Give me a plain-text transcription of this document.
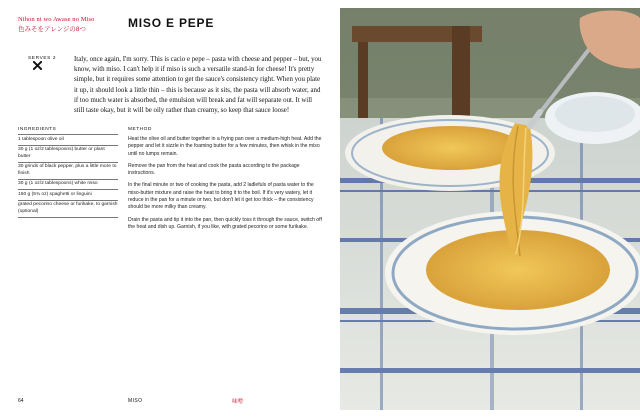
Nihon ni wo Awase no Miso
色みそをアレンジの8つ	MISO E PEPE
SERVES 2	Italy, once again, I'm sorry. This is cacio e pepe – pasta with cheese and pepper – but, you know, with miso. I can't help it if miso is such a versatile stand-in for cheese! It's pretty simple, but it requires some attention to get the sauce's consistency right. When you plate it up, it should look a little thin – this is because as it sits, the pasta will absorb water, and if too much water is absorbed, the emulsion will break and fat will separate out. It will still taste okay, but it will be oily rather than creamy, so keep that sauce loose!

INGREDIENTS
1 tablespoon olive oil
30 g (1 oz/2 tablespoons) butter or plant butter
30 grinds of black pepper, plus a little more to finish
30 g (1 oz/2 tablespoons) white miso
150 g (5¾ oz) spaghetti or linguini
grated pecorino cheese or furikake, to garnish (optional)
METHOD

Heat the olive oil and butter together in a frying pan over a medium-high heat. Add the pepper and let it sizzle in the foaming butter for a few minutes, then whisk in the miso until no lumps remain.

Remove the pan from the heat and cook the pasta according to the package instructions.

In the final minute or two of cooking the pasta, add 2 ladlefuls of pasta water to the miso-butter mixture and raise the heat to bring it to the boil. If it's very watery, let it reduce in the pan for a minute or two, but don't let it get too thick – the consistency should be more milky than creamy.

Drain the pasta and tip it into the pan, then quickly toss it through the sauce, switch off the heat and dish up. Garnish, if you like, with grated pecorino or some furikake.

64	MISO	味噌
